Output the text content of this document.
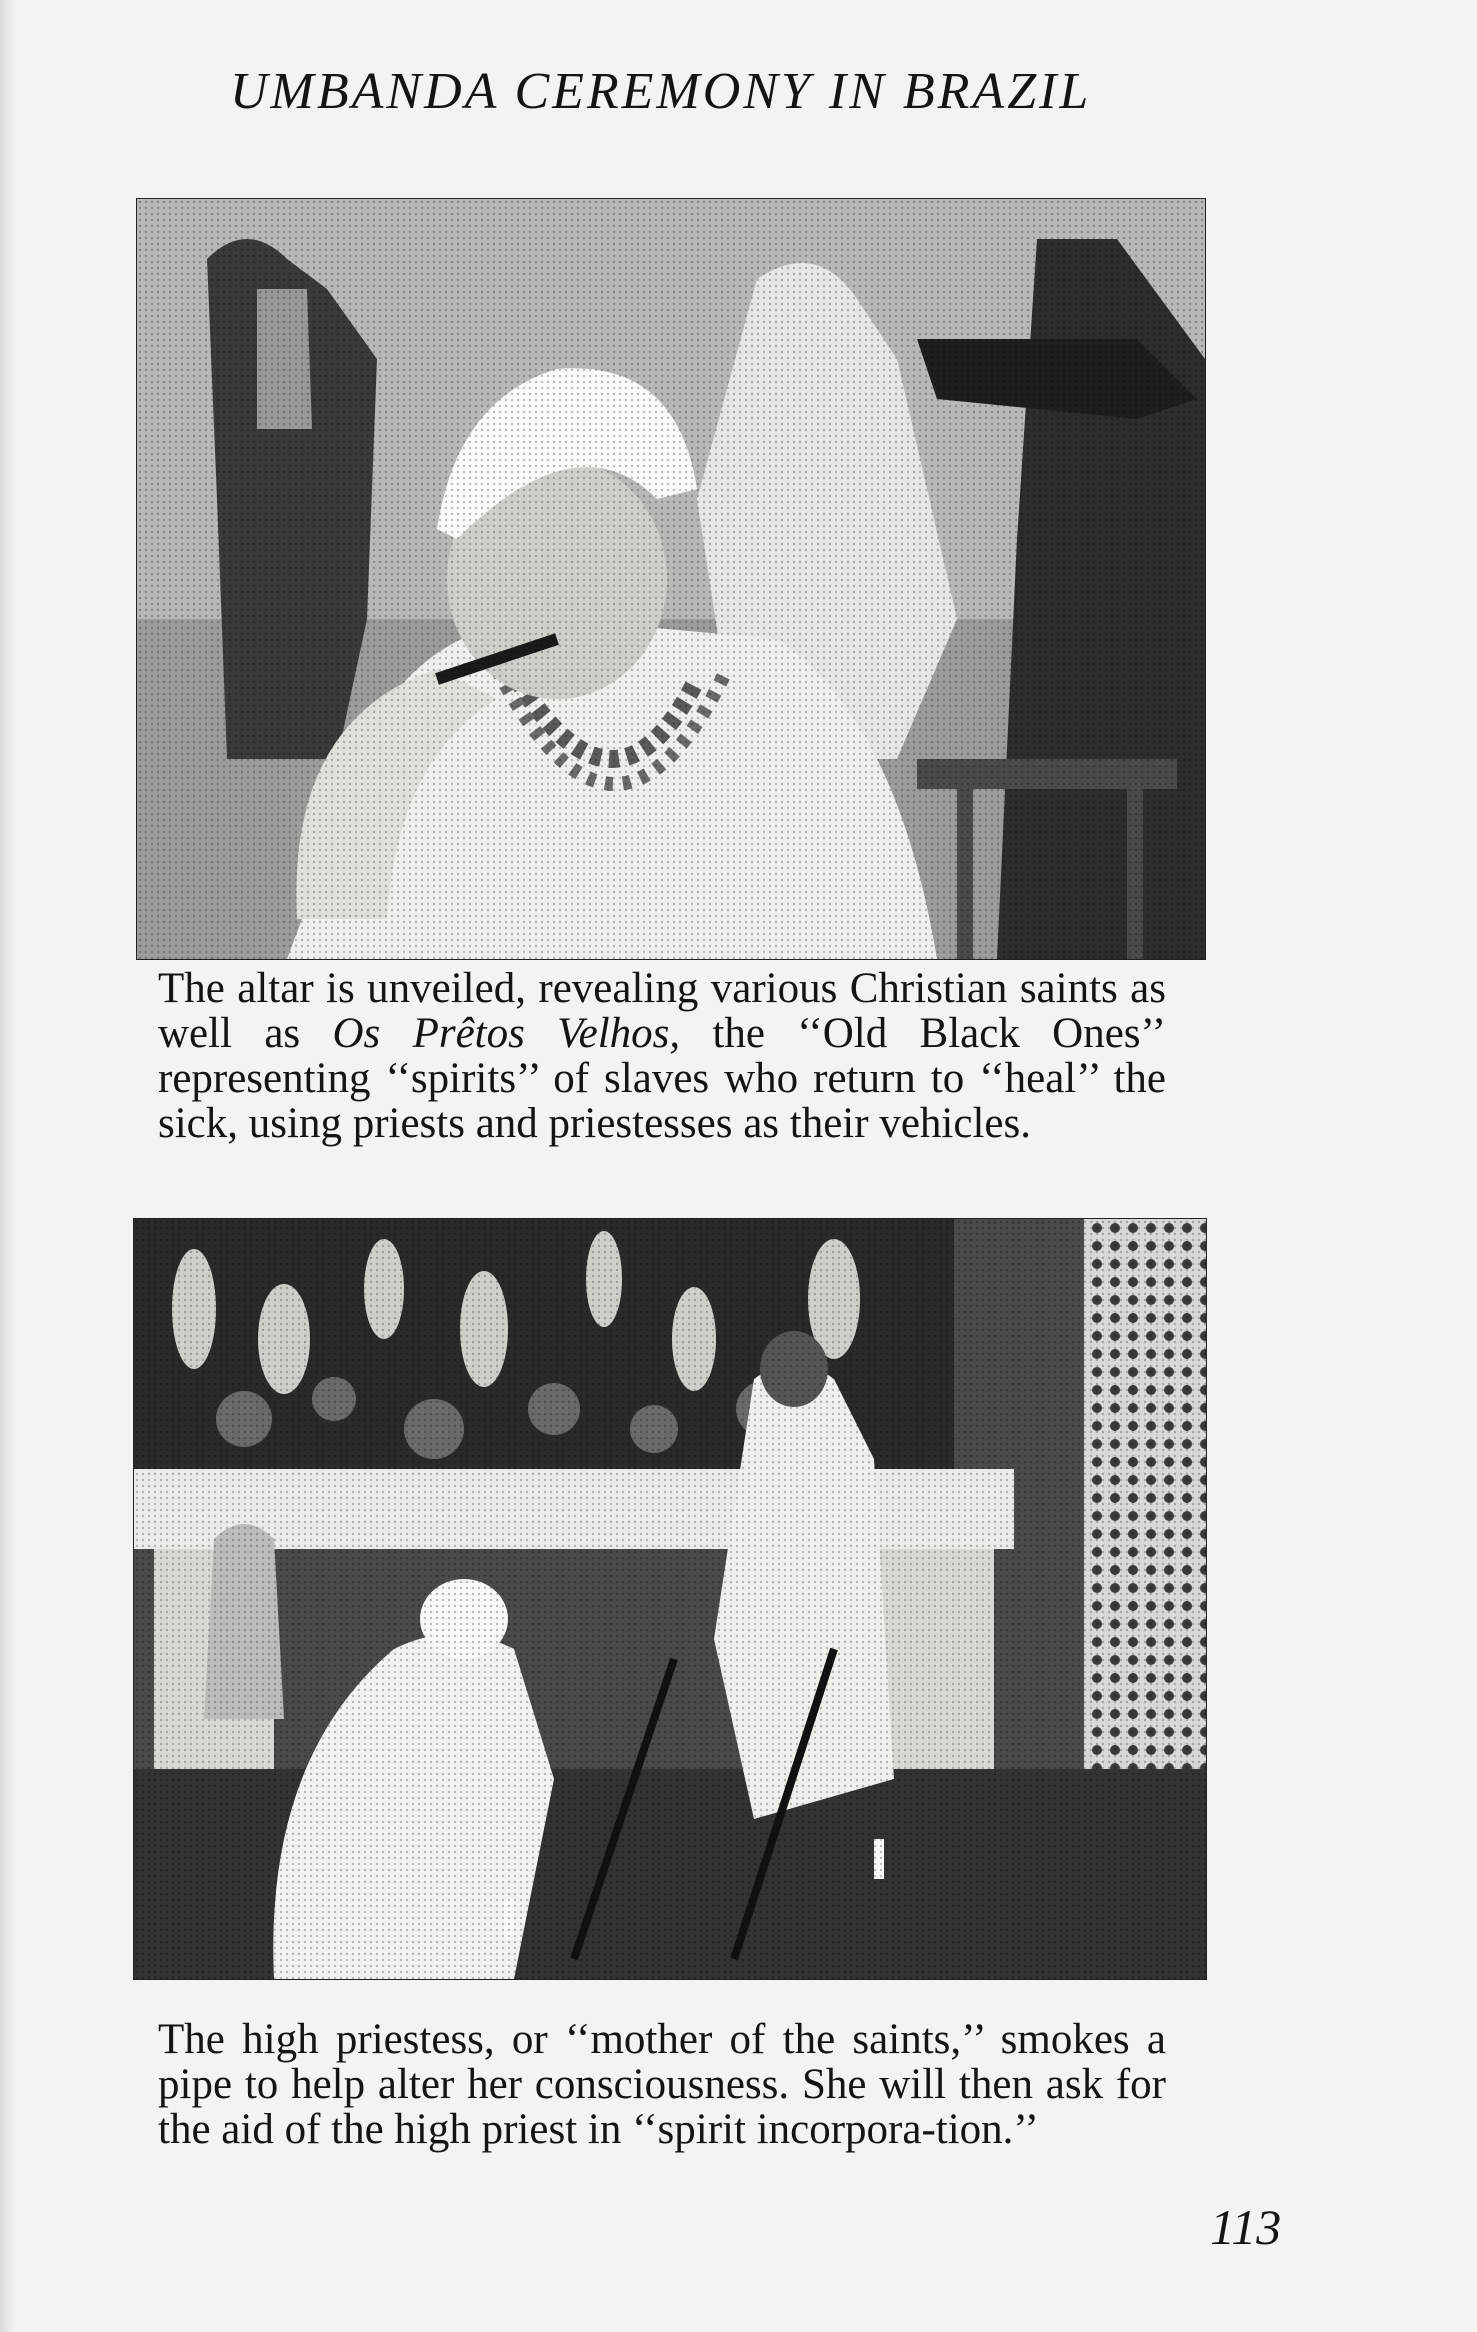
UMBANDA CEREMONY IN BRAZIL

The altar is unveiled, revealing various Christian saints as well as Os Prêtos Velhos, the ‘‘Old Black Ones’’ representing ‘‘spirits’’ of slaves who return to ‘‘heal’’ the sick, using priests and priestesses as their vehicles.

The high priestess, or ‘‘mother of the saints,’’ smokes a pipe to help alter her consciousness. She will then ask for the aid of the high priest in ‘‘spirit incorpora-tion.’’

113
